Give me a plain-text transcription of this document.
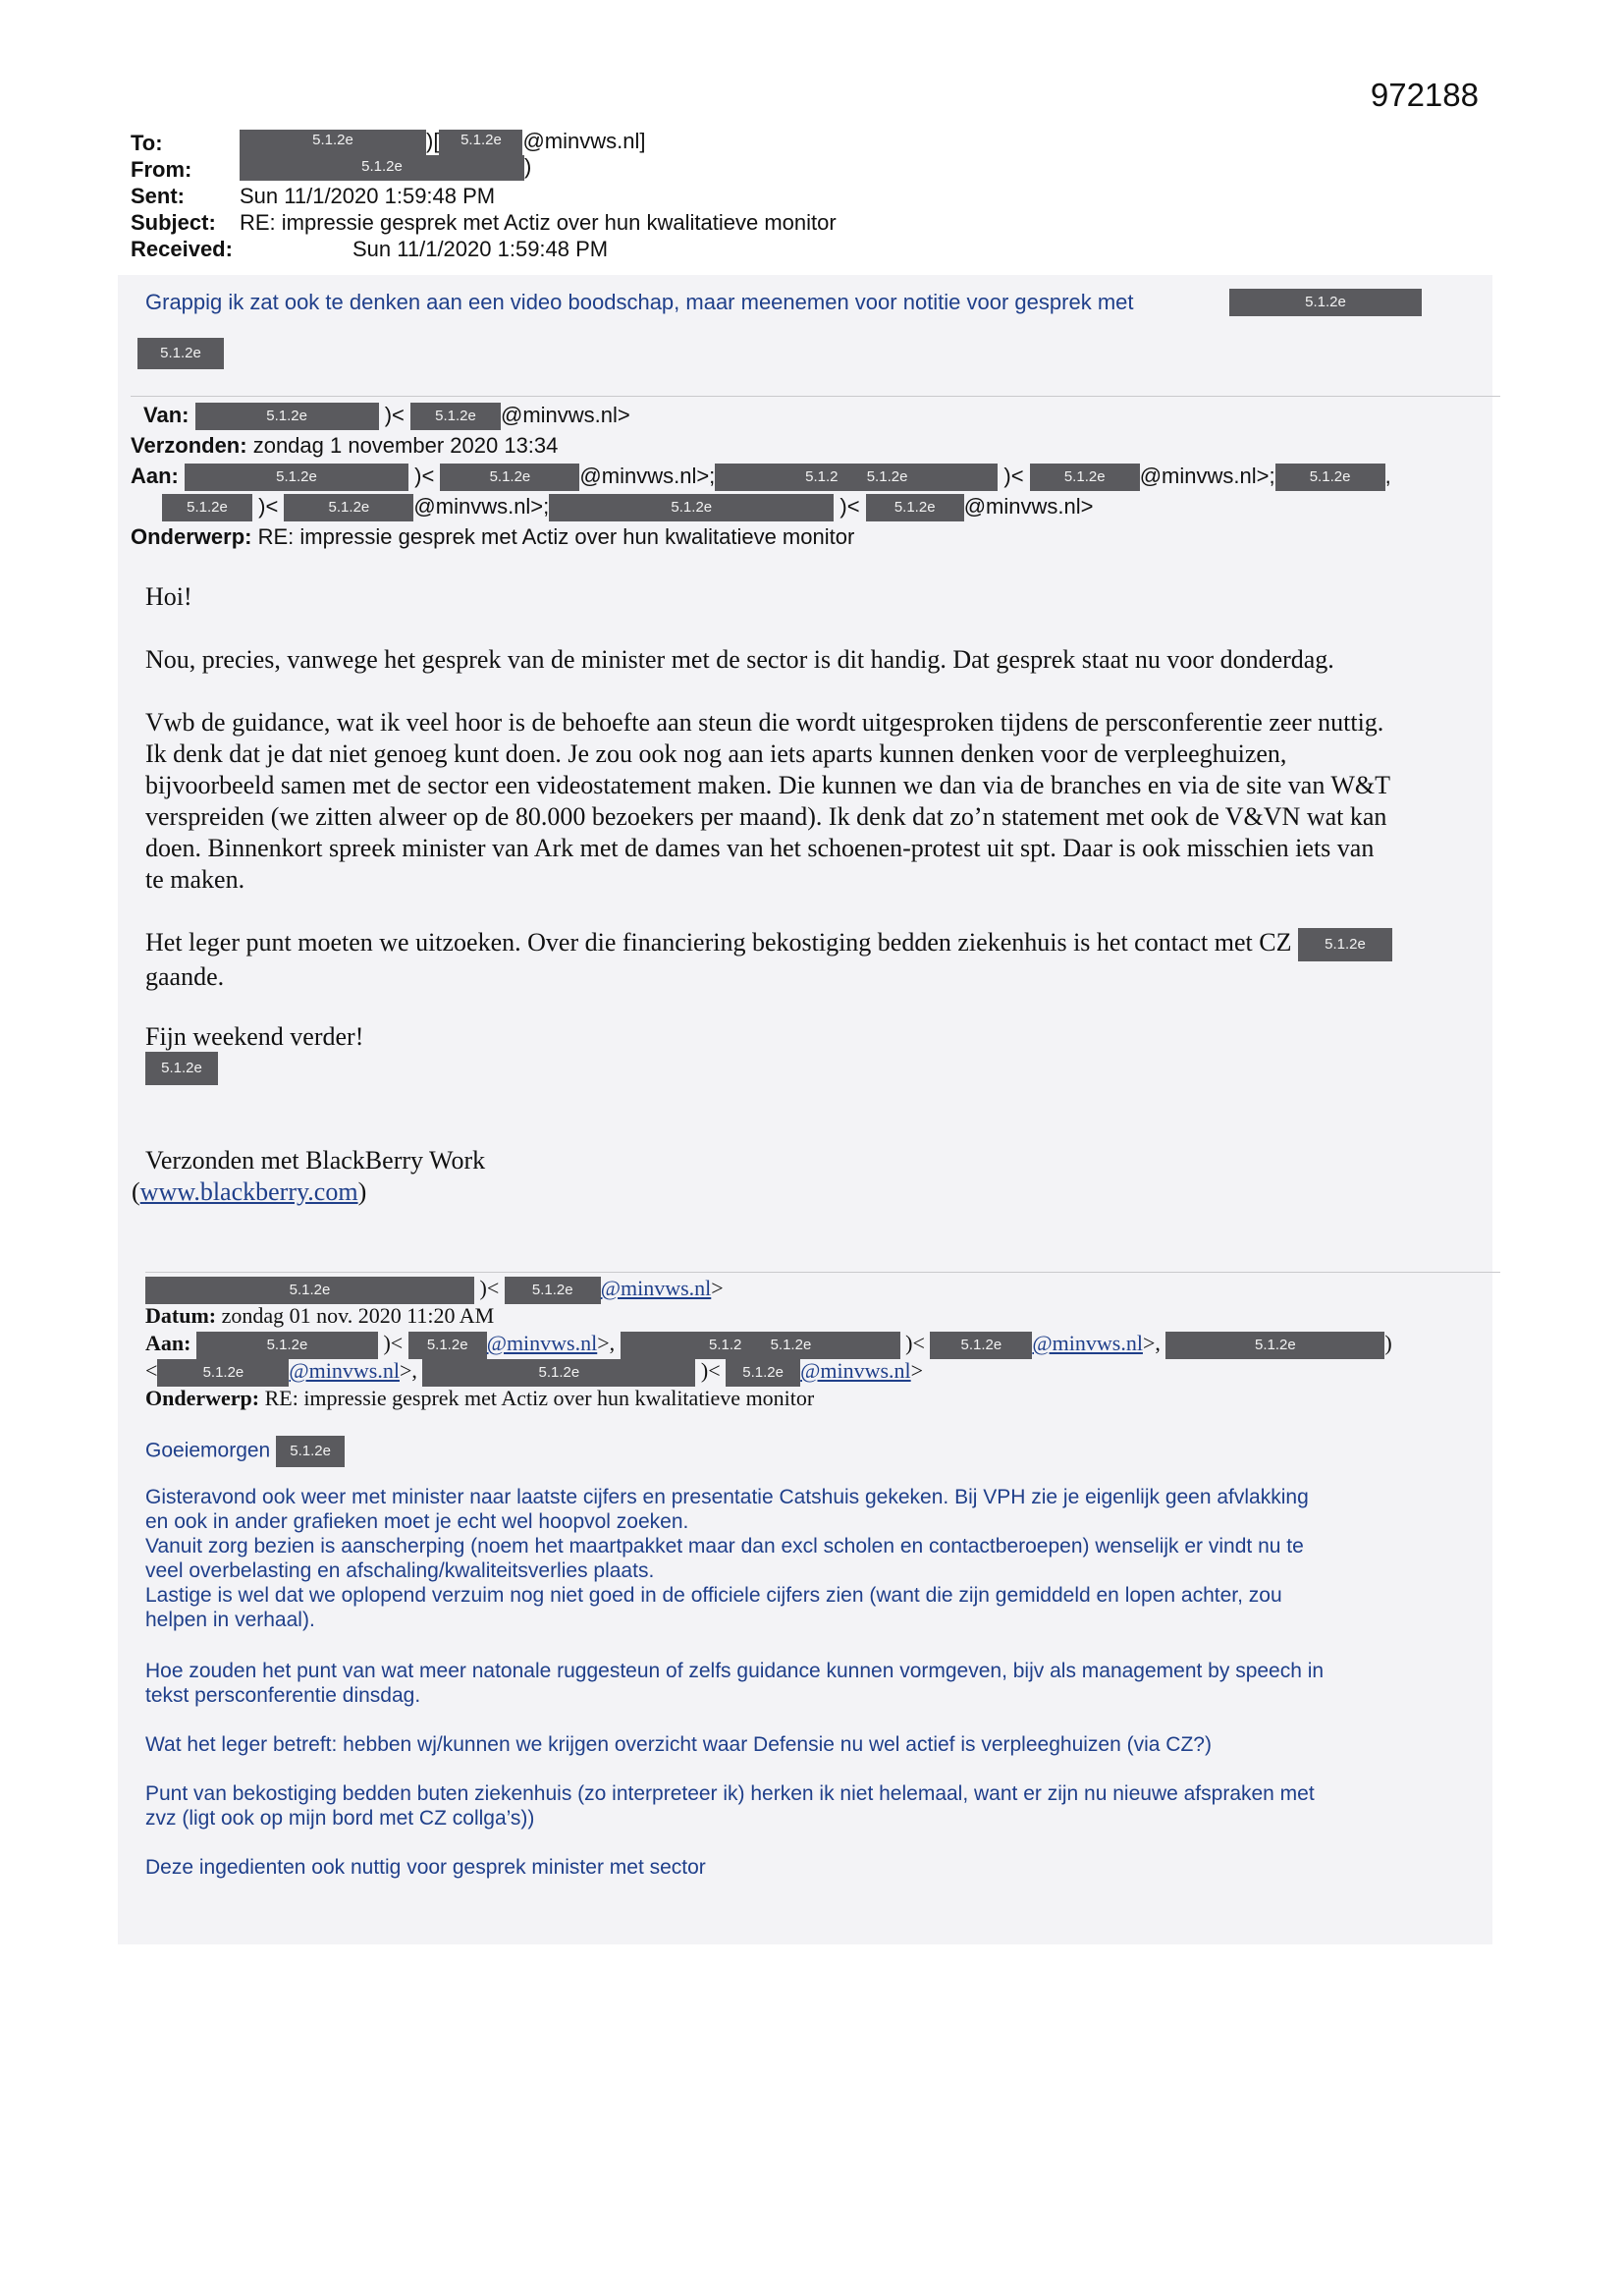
972188
To:	5.1.2e	)[ 5.1.2e @minvws.nl]
From:	5.1.2e	)
Sent:	Sun 11/1/2020 1:59:48 PM
Subject: RE: impressie gesprek met Actiz over hun kwalitatieve monitor
Received:	Sun 11/1/2020 1:59:48 PM
Grappig ik zat ook te denken aan een video boodschap, maar meenemen voor notitie voor gesprek met	5.1.2e
5.1.2e
Van:	5.1.2e	)< 5.1.2e @minvws.nl>
Verzonden: zondag 1 november 2020 13:34
Aan:	5.1.2e	)<	5.1.2e @minvws.nl>;	5.1.2 5.1.2e	)< 5.1.2e @minvws.nl>; 5.1.2e ,
5.1.2e )<	5.1.2e @minvws.nl>;	5.1.2e	)< 5.1.2e @minvws.nl>
Onderwerp: RE: impressie gesprek met Actiz over hun kwalitatieve monitor
Hoi!
Nou, precies, vanwege het gesprek van de minister met de sector is dit handig. Dat gesprek staat nu voor donderdag.
Vwb de guidance, wat ik veel hoor is de behoefte aan steun die wordt uitgesproken tijdens de persconferentie zeer nuttig.
Ik denk dat je dat niet genoeg kunt doen. Je zou ook nog aan iets aparts kunnen denken voor de verpleeghuizen,
bijvoorbeeld samen met de sector een videostatement maken. Die kunnen we dan via de branches en via de site van W&T
verspreiden (we zitten alweer op de 80.000 bezoekers per maand). Ik denk dat zo’n statement met ook de V&VN wat kan
doen. Binnenkort spreek minister van Ark met de dames van het schoenen-protest uit spt. Daar is ook misschien iets van
te maken.
Het leger punt moeten we uitzoeken. Over die financiering bekostiging bedden ziekenhuis is het contact met CZ 5.1.2e
gaande.
Fijn weekend verder!
5.1.2e
Verzonden met BlackBerry Work
(www.blackberry.com)
5.1.2e	)< 5.1.2e @minvws.nl>
Datum: zondag 01 nov. 2020 11:20 AM
Aan:	5.1.2e	)< 5.1.2e @minvws.nl>,	5.1.2 5.1.2e	)< 5.1.2e @minvws.nl>,	5.1.2e	)
<	5.1.2e @minvws.nl>,	5.1.2e	)< 5.1.2e @minvws.nl>
Onderwerp: RE: impressie gesprek met Actiz over hun kwalitatieve monitor
Goeiemorgen 5.1.2e
Gisteravond ook weer met minister naar laatste cijfers en presentatie Catshuis gekeken. Bij VPH zie je eigenlijk geen afvlakking
en ook in ander grafieken moet je echt wel hoopvol zoeken.
Vanuit zorg bezien is aanscherping (noem het maartpakket maar dan excl scholen en contactberoepen) wenselijk er vindt nu te
veel overbelasting en afschaling/kwaliteitsverlies plaats.
Lastige is wel dat we oplopend verzuim nog niet goed in de officiele cijfers zien (want die zijn gemiddeld en lopen achter, zou
helpen in verhaal).
Hoe zouden het punt van wat meer natonale ruggesteun of zelfs guidance kunnen vormgeven, bijv als management by speech in
tekst persconferentie dinsdag.
Wat het leger betreft: hebben wj/kunnen we krijgen overzicht waar Defensie nu wel actief is verpleeghuizen (via CZ?)
Punt van bekostiging bedden buten ziekenhuis (zo interpreteer ik) herken ik niet helemaal, want er zijn nu nieuwe afspraken met
zvz (ligt ook op mijn bord met CZ collga’s))
Deze ingedienten ook nuttig voor gesprek minister met sector
